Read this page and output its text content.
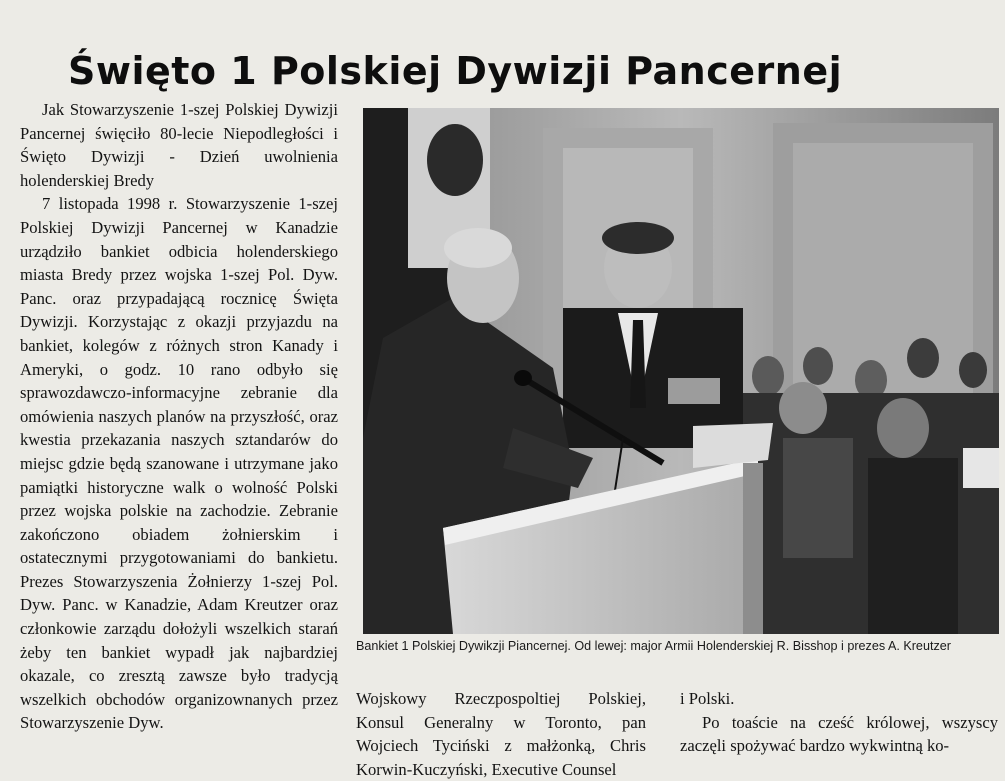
Święto 1 Polskiej Dywizji Pancernej

Jak Stowarzyszenie 1-szej Polskiej Dywizji Pancernej święciło 80-lecie Niepodległości i Święto Dywizji - Dzień uwolnienia holenderskiej Bredy

7 listopada 1998 r. Stowarzyszenie 1-szej Polskiej Dywizji Pancernej w Kanadzie urządziło bankiet odbicia holenderskiego miasta Bredy przez wojska 1-szej Pol. Dyw. Panc. oraz przypadającą rocznicę Święta Dywizji. Korzystając z okazji przyjazdu na bankiet, kolegów z różnych stron Kanady i Ameryki, o godz. 10 rano odbyło się sprawozdawczo-informacyjne zebranie dla omówienia naszych planów na przyszłość, oraz kwestia przekazania naszych sztandarów do miejsc gdzie będą szanowane i utrzymane jako pamiątki historyczne walk o wolność Polski przez wojska polskie na zachodzie. Zebranie zakończono obiadem żołnierskim i ostatecznymi przygotowaniami do bankietu. Prezes Stowarzyszenia Żołnierzy 1-szej Pol. Dyw. Panc. w Kanadzie, Adam Kreutzer oraz członkowie zarządu dołożyli wszelkich starań żeby ten bankiet wypadł jak najbardziej okazale, co zresztą zawsze było tradycją wszelkich obchodów organizownanych przez Stowarzyszenie Dyw.

Bankiet 1 Polskiej Dywikzji Piancernej. Od lewej: major Armii Holenderskiej R. Bisshop i prezes A. Kreutzer

Wojskowy Rzeczpospoltiej Polskiej, Konsul Generalny w Toronto, pan Wojciech Tyciński z małżonką, Chris Korwin-Kuczyński, Executive Counsel

i Polski.

Po toaście na cześć królowej, wszyscy zaczęli spożywać bardzo wykwintną ko-
